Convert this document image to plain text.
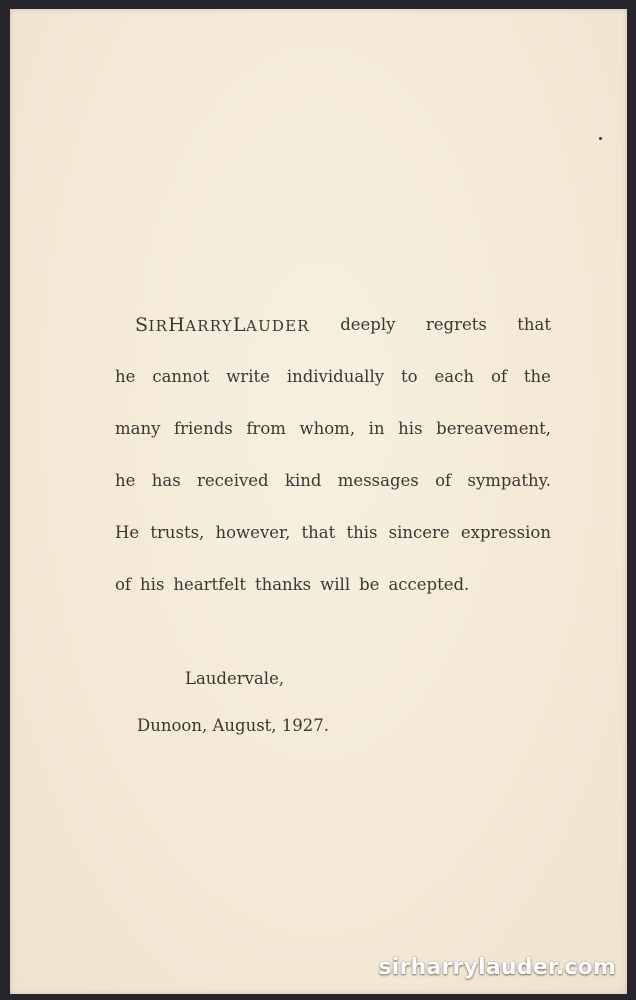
SIRHARRYLAUDER deeply regrets that
he cannot write individually to each of the
many friends from whom, in his bereavement,
he has received kind messages of sympathy.
He trusts, however, that this sincere expression
of his heartfelt thanks will be accepted.
Laudervale,
Dunoon, August, 1927.
sirharrylauder.com
